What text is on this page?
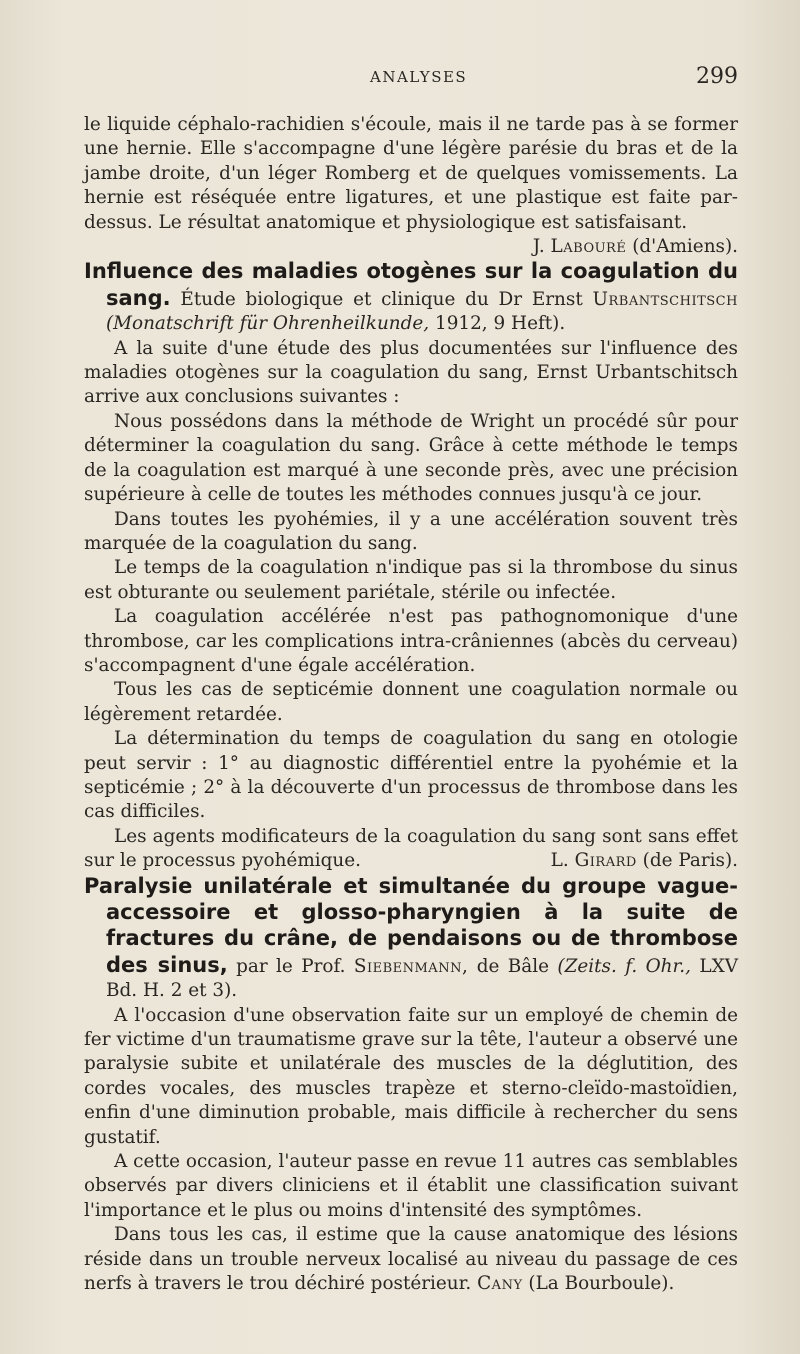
ANALYSES	299

le liquide céphalo-rachidien s'écoule, mais il ne tarde pas à se former une hernie. Elle s'accompagne d'une légère parésie du bras et de la jambe droite, d'un léger Romberg et de quelques vomissements. La hernie est réséquée entre ligatures, et une plastique est faite par-dessus. Le résultat anatomique et physiologique est satisfaisant.

J. Labouré (d'Amiens).

Influence des maladies otogènes sur la coagulation du sang. Étude biologique et clinique du Dr Ernst Urbantschitsch (Monatschrift für Ohrenheilkunde, 1912, 9 Heft).

A la suite d'une étude des plus documentées sur l'influence des maladies otogènes sur la coagulation du sang, Ernst Urbantschitsch arrive aux conclusions suivantes :

Nous possédons dans la méthode de Wright un procédé sûr pour déterminer la coagulation du sang. Grâce à cette méthode le temps de la coagulation est marqué à une seconde près, avec une précision supérieure à celle de toutes les méthodes connues jusqu'à ce jour.

Dans toutes les pyohémies, il y a une accélération souvent très marquée de la coagulation du sang.

Le temps de la coagulation n'indique pas si la thrombose du sinus est obturante ou seulement pariétale, stérile ou infectée.

La coagulation accélérée n'est pas pathognomonique d'une thrombose, car les complications intra-crâniennes (abcès du cerveau) s'accompagnent d'une égale accélération.

Tous les cas de septicémie donnent une coagulation normale ou légèrement retardée.

La détermination du temps de coagulation du sang en otologie peut servir : 1° au diagnostic différentiel entre la pyohémie et la septicémie ; 2° à la découverte d'un processus de thrombose dans les cas difficiles.

Les agents modificateurs de la coagulation du sang sont sans effet sur le processus pyohémique.	L. Girard (de Paris).

Paralysie unilatérale et simultanée du groupe vague-accessoire et glosso-pharyngien à la suite de fractures du crâne, de pendaisons ou de thrombose des sinus, par le Prof. Siebenmann, de Bâle (Zeits. f. Ohr., LXV Bd. H. 2 et 3).

A l'occasion d'une observation faite sur un employé de chemin de fer victime d'un traumatisme grave sur la tête, l'auteur a observé une paralysie subite et unilatérale des muscles de la déglutition, des cordes vocales, des muscles trapèze et sterno-cleïdo-mastoïdien, enfin d'une diminution probable, mais difficile à rechercher du sens gustatif.

A cette occasion, l'auteur passe en revue 11 autres cas semblables observés par divers cliniciens et il établit une classification suivant l'importance et le plus ou moins d'intensité des symptômes.

Dans tous les cas, il estime que la cause anatomique des lésions réside dans un trouble nerveux localisé au niveau du passage de ces nerfs à travers le trou déchiré postérieur. Cany (La Bourboule).
